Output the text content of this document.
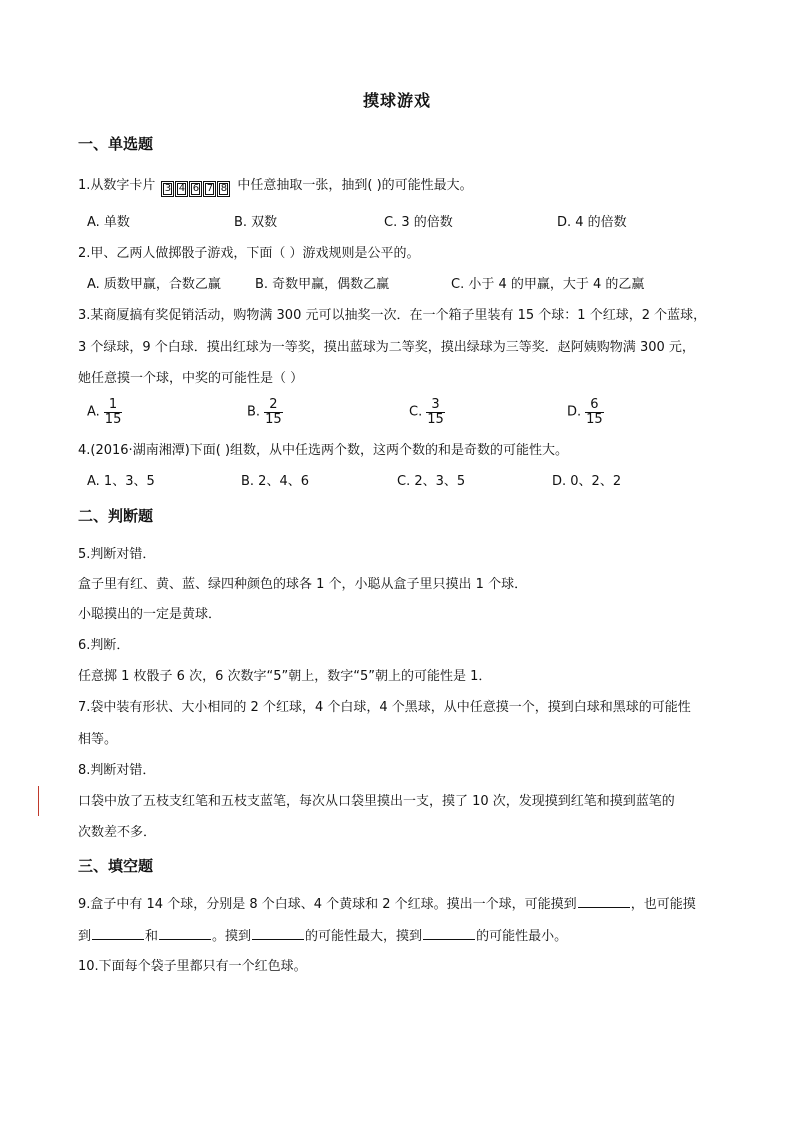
摸球游戏
一、单选题
1.从数字卡片 3 4 6 7 8 中任意抽取一张，抽到( )的可能性最大。
A. 单数	B. 双数	C. 3 的倍数	D. 4 的倍数
2.甲、乙两人做掷骰子游戏，下面（ ）游戏规则是公平的。
A. 质数甲赢，合数乙赢	B. 奇数甲赢，偶数乙赢	C. 小于 4 的甲赢，大于 4 的乙赢
3.某商厦搞有奖促销活动，购物满 300 元可以抽奖一次．在一个箱子里装有 15 个球：1 个红球，2 个蓝球，
3 个绿球，9 个白球．摸出红球为一等奖，摸出蓝球为二等奖，摸出绿球为三等奖．赵阿姨购物满 300 元，
她任意摸一个球，中奖的可能性是（ ）
A. $\frac{1}{15}$	B. $\frac{2}{15}$	C. $\frac{3}{15}$	D. $\frac{6}{15}$
4.(2016·湖南湘潭)下面( )组数，从中任选两个数，这两个数的和是奇数的可能性大。
A. 1、3、5	B. 2、4、6	C. 2、3、5	D. 0、2、2
二、判断题
5.判断对错．
盒子里有红、黄、蓝、绿四种颜色的球各 1 个，小聪从盒子里只摸出 1 个球．
小聪摸出的一定是黄球．
6.判断．
任意掷 1 枚骰子 6 次，6 次数字“5”朝上，数字“5”朝上的可能性是 1．
7.袋中装有形状、大小相同的 2 个红球，4 个白球，4 个黑球，从中任意摸一个，摸到白球和黑球的可能性
相等。
8.判断对错．
口袋中放了五枝支红笔和五枝支蓝笔，每次从口袋里摸出一支，摸了 10 次，发现摸到红笔和摸到蓝笔的
次数差不多．
三、填空题
9.盒子中有 14 个球，分别是 8 个白球、4 个黄球和 2 个红球。摸出一个球，可能摸到	，也可能摸
到	和	。摸到	的可能性最大，摸到	的可能性最小。
10.下面每个袋子里都只有一个红色球。
